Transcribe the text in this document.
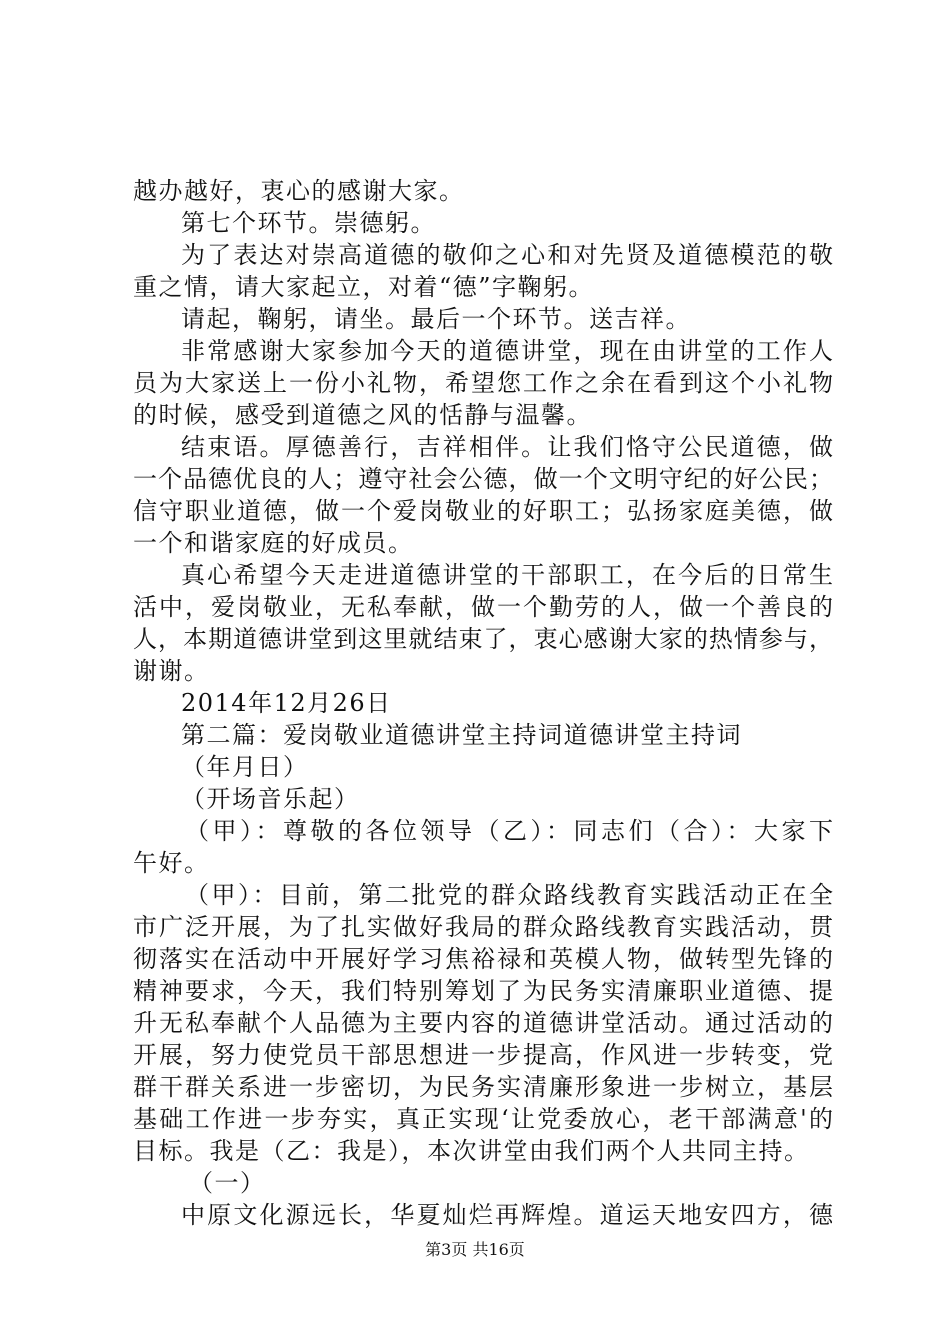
越办越好，衷心的感谢大家。
第七个环节。崇德躬。
为了表达对崇高道德的敬仰之心和对先贤及道德模范的敬
重之情，请大家起立，对着“德”字鞠躬。
请起，鞠躬，请坐。最后一个环节。送吉祥。
非常感谢大家参加今天的道德讲堂，现在由讲堂的工作人
员为大家送上一份小礼物，希望您工作之余在看到这个小礼物
的时候，感受到道德之风的恬静与温馨。
结束语。厚德善行，吉祥相伴。让我们恪守公民道德，做
一个品德优良的人；遵守社会公德，做一个文明守纪的好公民；
信守职业道德，做一个爱岗敬业的好职工；弘扬家庭美德，做
一个和谐家庭的好成员。
真心希望今天走进道德讲堂的干部职工，在今后的日常生
活中，爱岗敬业，无私奉献，做一个勤劳的人，做一个善良的
人，本期道德讲堂到这里就结束了，衷心感谢大家的热情参与，
谢谢。
2014年12月26日
第二篇：爱岗敬业道德讲堂主持词道德讲堂主持词
（年月日）
（开场音乐起）
（甲）：尊敬的各位领导（乙）：同志们（合）：大家下
午好。
（甲）：目前，第二批党的群众路线教育实践活动正在全
市广泛开展，为了扎实做好我局的群众路线教育实践活动，贯
彻落实在活动中开展好学习焦裕禄和英模人物，做转型先锋的
精神要求，今天，我们特别筹划了为民务实清廉职业道德、提
升无私奉献个人品德为主要内容的道德讲堂活动。通过活动的
开展，努力使党员干部思想进一步提高，作风进一步转变，党
群干群关系进一步密切，为民务实清廉形象进一步树立，基层
基础工作进一步夯实，真正实现‘让党委放心，老干部满意'的
目标。我是（乙：我是），本次讲堂由我们两个人共同主持。
（一）
中原文化源远长，华夏灿烂再辉煌。道运天地安四方，德
第3页 共16页
